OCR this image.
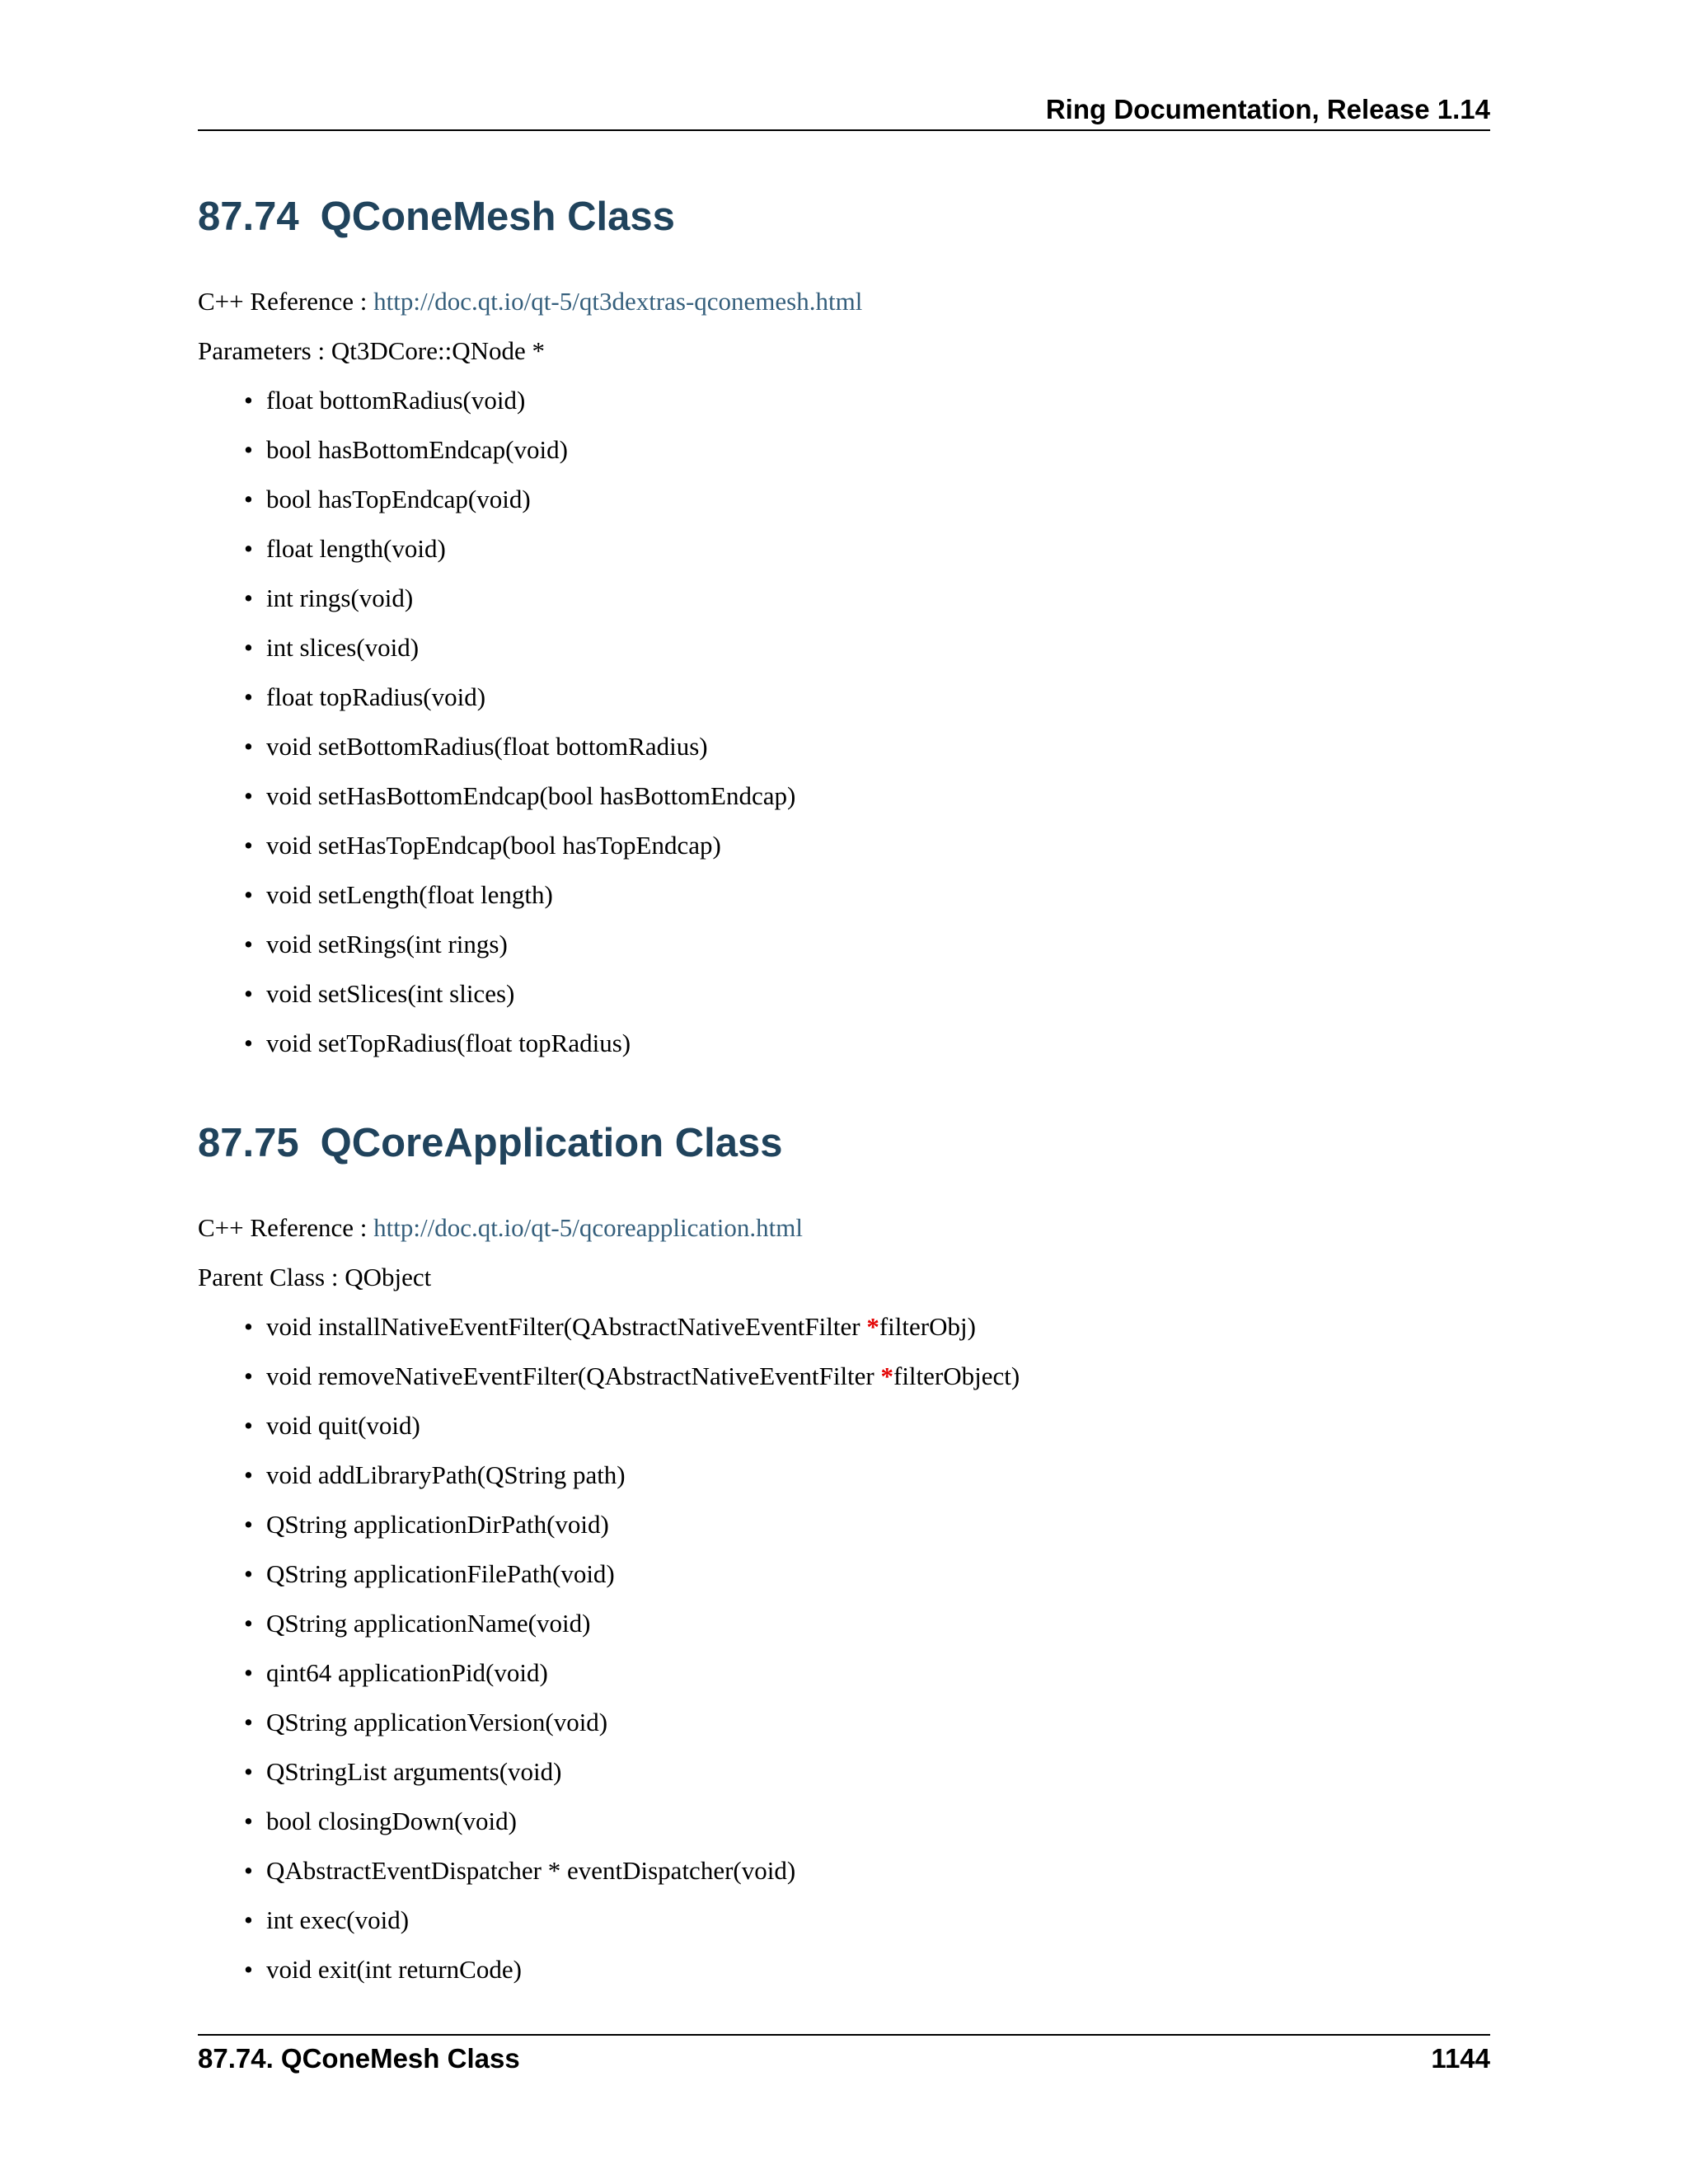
Ring Documentation, Release 1.14
87.74 QConeMesh Class

C++ Reference : http://doc.qt.io/qt-5/qt3dextras-qconemesh.html

Parameters : Qt3DCore::QNode *

• float bottomRadius(void)
• bool hasBottomEndcap(void)
• bool hasTopEndcap(void)
• float length(void)
• int rings(void)
• int slices(void)
• float topRadius(void)
• void setBottomRadius(float bottomRadius)
• void setHasBottomEndcap(bool hasBottomEndcap)
• void setHasTopEndcap(bool hasTopEndcap)
• void setLength(float length)
• void setRings(int rings)
• void setSlices(int slices)
• void setTopRadius(float topRadius)
87.75 QCoreApplication Class

C++ Reference : http://doc.qt.io/qt-5/qcoreapplication.html

Parent Class : QObject

• void installNativeEventFilter(QAbstractNativeEventFilter *filterObj)
• void removeNativeEventFilter(QAbstractNativeEventFilter *filterObject)
• void quit(void)
• void addLibraryPath(QString path)
• QString applicationDirPath(void)
• QString applicationFilePath(void)
• QString applicationName(void)
• qint64 applicationPid(void)
• QString applicationVersion(void)
• QStringList arguments(void)
• bool closingDown(void)
• QAbstractEventDispatcher * eventDispatcher(void)
• int exec(void)
• void exit(int returnCode)
87.74. QConeMesh Class	1144
